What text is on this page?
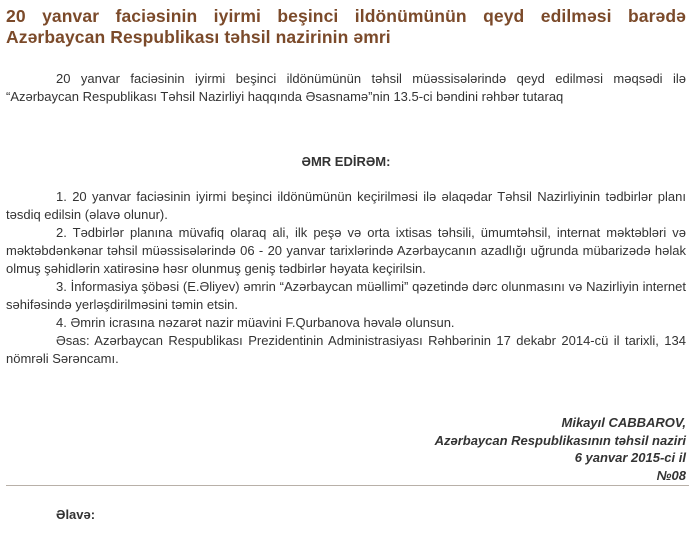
20 yanvar faciəsinin iyirmi beşinci ildönümünün qeyd edilməsi barədə
Azərbaycan Respublikası təhsil nazirinin əmri

20 yanvar faciəsinin iyirmi beşinci ildönümünün təhsil müəssisələrində qeyd edilməsi məqsədi ilə “Azərbaycan Respublikası Təhsil Nazirliyi haqqında Əsasnamə”nin 13.5-ci bəndini rəhbər tutaraq

ƏMR EDİRƏM:

1. 20 yanvar faciəsinin iyirmi beşinci ildönümünün keçirilməsi ilə əlaqədar Təhsil Nazirliyinin tədbirlər planı təsdiq edilsin (əlavə olunur).

2. Tədbirlər planına müvafiq olaraq ali, ilk peşə və orta ixtisas təhsili, ümumtəhsil, internat məktəbləri və məktəbdənkənar təhsil müəssisələrində 06 - 20 yanvar tarixlərində Azərbaycanın azadlığı uğrunda mübarizədə həlak olmuş şəhidlərin xatirəsinə həsr olunmuş geniş tədbirlər həyata keçirilsin.

3. İnformasiya şöbəsi (E.Əliyev) əmrin “Azərbaycan müəllimi” qəzetində dərc olunmasını və Nazirliyin internet səhifəsində yerləşdirilməsini təmin etsin.

4. Əmrin icrasına nəzarət nazir müavini F.Qurbanova həvalə olunsun.

Əsas: Azərbaycan Respublikası Prezidentinin Administrasiyası Rəhbərinin 17 dekabr 2014-cü il tarixli, 134 nömrəli Sərəncamı.

Mikayıl CABBAROV,
Azərbaycan Respublikasının təhsil naziri
6 yanvar 2015-ci il
№08
Əlavə:
